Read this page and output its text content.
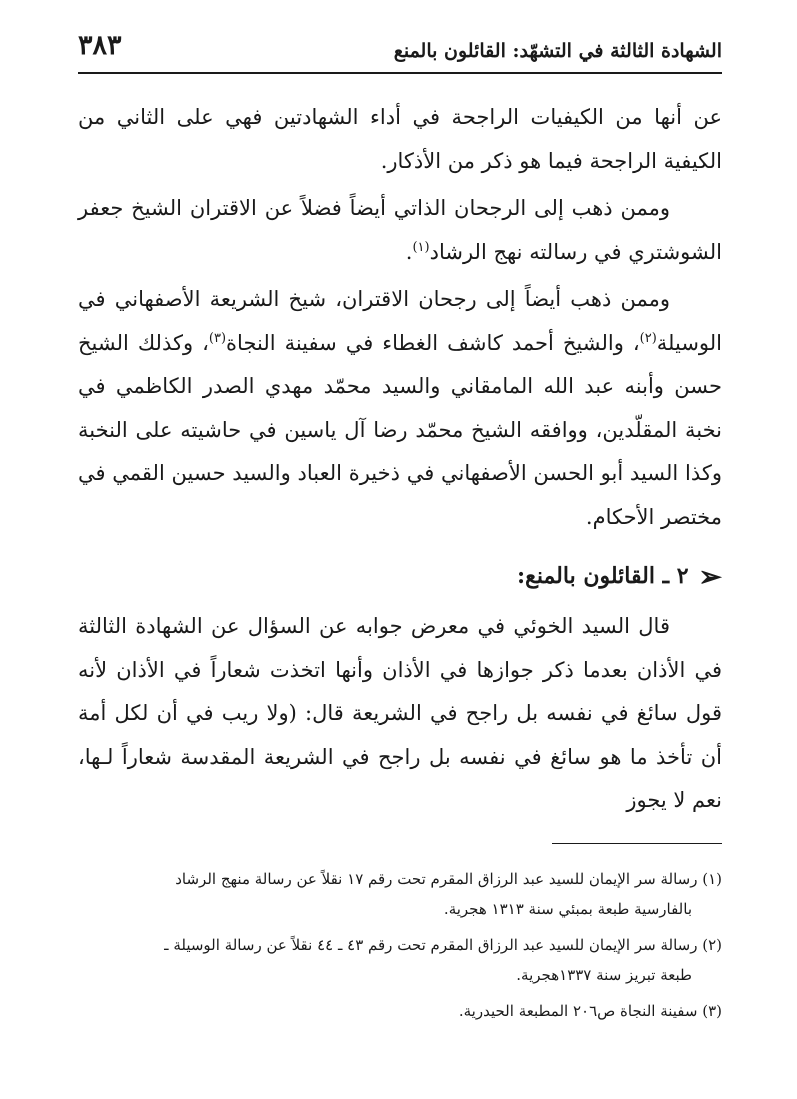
الشهادة الثالثة في التشهّد: القائلون بالمنع
٣٨٣

عن أنها من الكيفيات الراجحة في أداء الشهادتين فهي على الثاني من الكيفية الراجحة فيما هو ذكر من الأذكار.

وممن ذهب إلى الرجحان الذاتي أيضاً فضلاً عن الاقتران الشيخ جعفر الشوشتري في رسالته نهج الرشاد$^{(١)}$.

وممن ذهب أيضاً إلى رجحان الاقتران، شيخ الشريعة الأصفهاني في الوسيلة$^{(٢)}$، والشيخ أحمد كاشف الغطاء في سفينة النجاة$^{(٣)}$، وكذلك الشيخ حسن وأبنه عبد الله المامقاني والسيد محمّد مهدي الصدر الكاظمي في نخبة المقلّدين، ووافقه الشيخ محمّد رضا آل ياسين في حاشيته على النخبة وكذا السيد أبو الحسن الأصفهاني في ذخيرة العباد والسيد حسين القمي في مختصر الأحكام.

➢
٢ ـ القائلون بالمنع:

قال السيد الخوئي في معرض جوابه عن السؤال عن الشهادة الثالثة في الأذان بعدما ذكر جوازها في الأذان وأنها اتخذت شعاراً في الأذان لأنه قول سائغ في نفسه بل راجح في الشريعة قال: (ولا ريب في أن لكل أمة أن تأخذ ما هو سائغ في نفسه بل راجح في الشريعة المقدسة شعاراً لـها، نعم لا يجوز

(١) رسالة سر الإيمان للسيد عبد الرزاق المقرم تحت رقم ١٧ نقلاً عن رسالة منهج الرشاد
بالفارسية طبعة بمبئي سنة ١٣١٣ هجرية.

(٢) رسالة سر الإيمان للسيد عبد الرزاق المقرم تحت رقم ٤٣ ـ ٤٤ نقلاً عن رسالة الوسيلة ـ
طبعة تبريز سنة ١٣٣٧هجرية.

(٣) سفينة النجاة ص٢٠٦ المطبعة الحيدرية.
